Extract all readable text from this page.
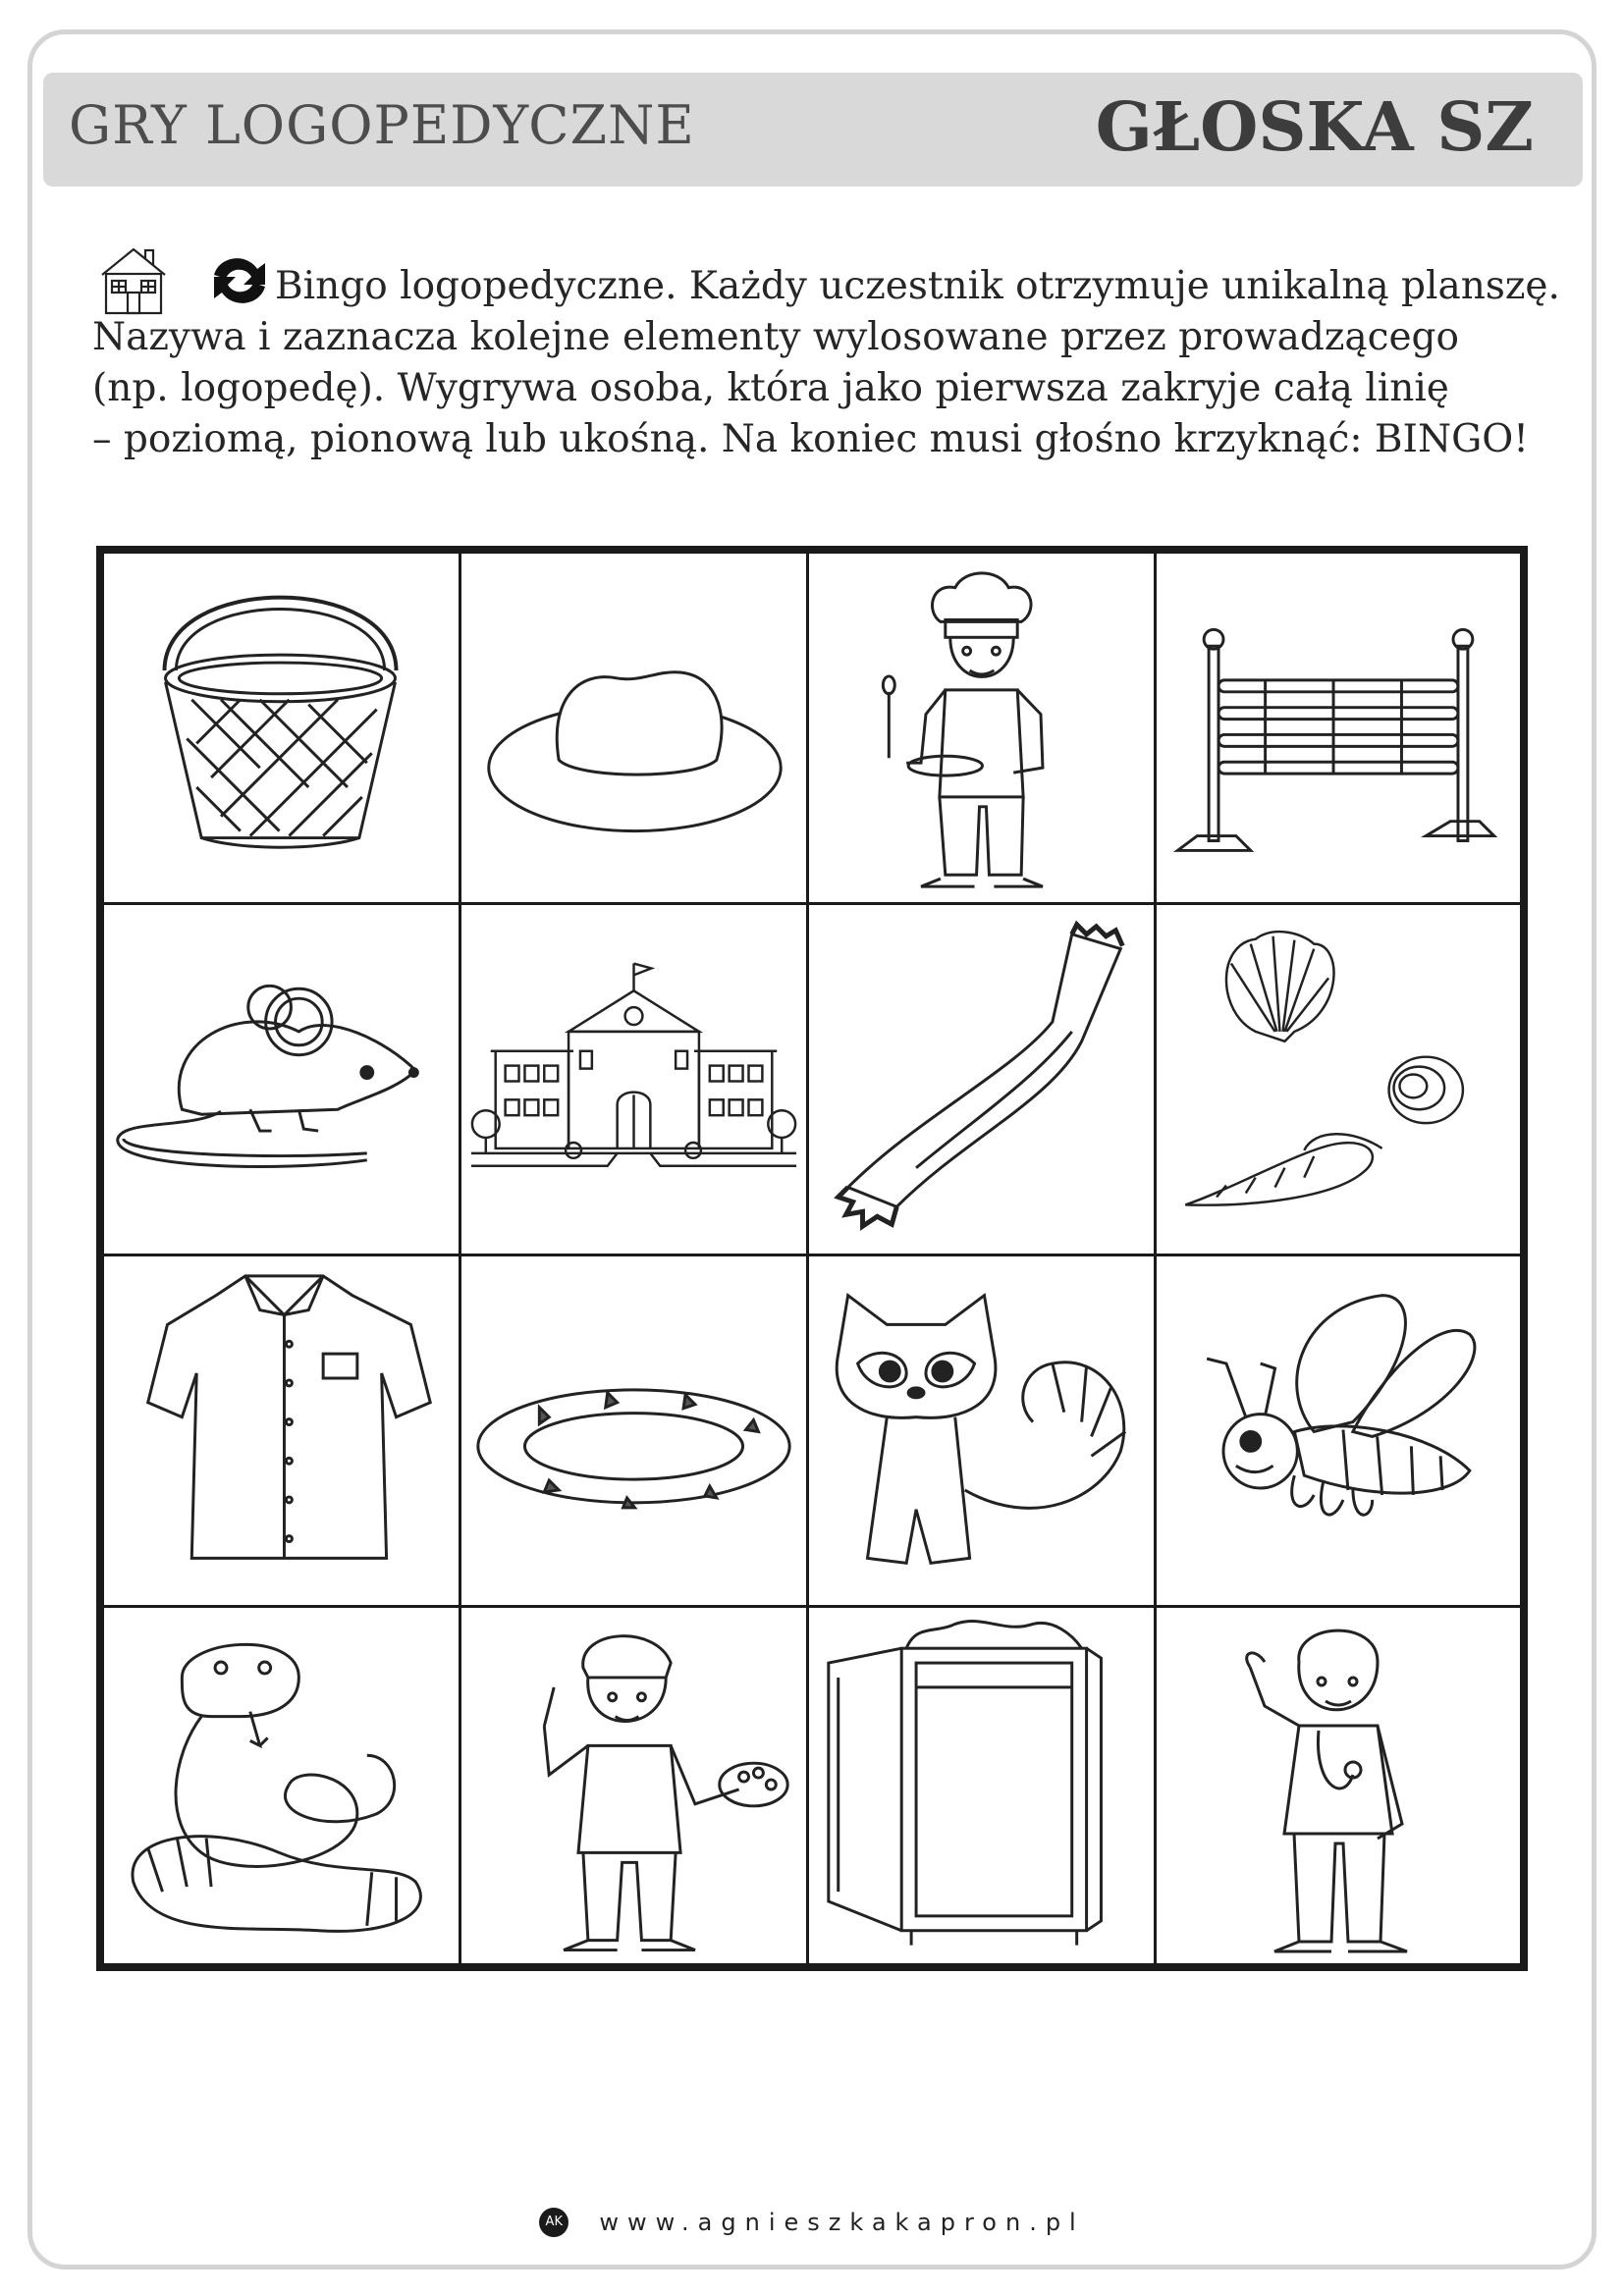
GRY LOGOPEDYCZNE	GŁOSKA SZ

Bingo logopedyczne. Każdy uczestnik otrzymuje unikalną planszę.

Nazywa i zaznacza kolejne elementy wylosowane przez prowadzącego

(np. logopedę). Wygrywa osoba, która jako pierwsza zakryje całą linię

– poziomą, pionową lub ukośną. Na koniec musi głośno krzyknąć: BINGO!

AK www.agnieszkakapron.pl
